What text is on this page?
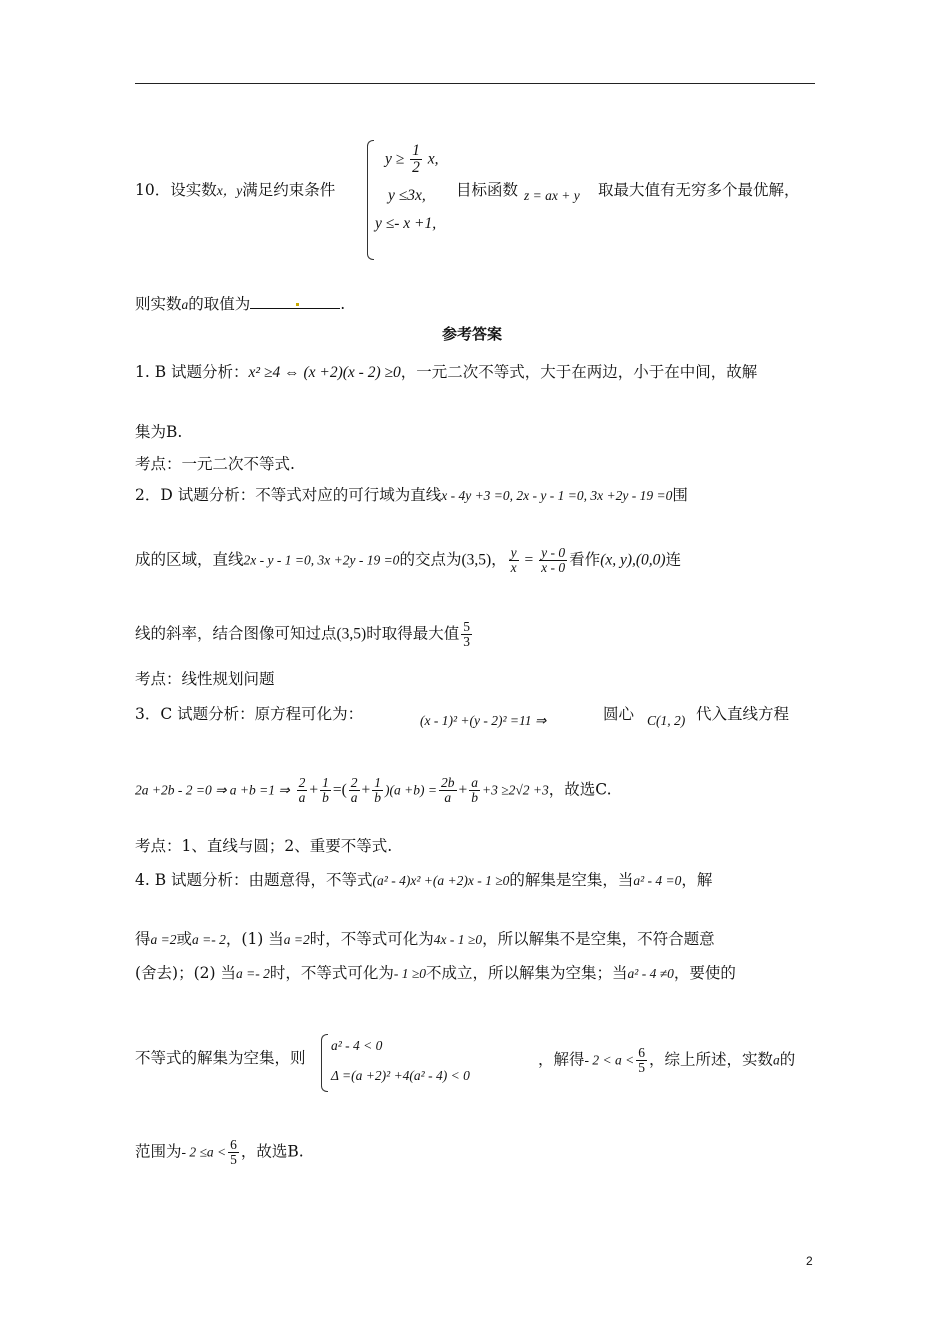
10．设实数x，y满足约束条件
$y \ge \frac{1}{2} x$,
y ≤3x,
y ≤- x +1,
目标函数 z = ax + y 取最大值有无穷多个最优解，
则实数a的取值为	.
参考答案
1. B 试题分析：x² ≥4 ⇔ (x +2)(x - 2) ≥0，一元二次不等式，大于在两边，小于在中间，故解
集为B.
考点：一元二次不等式.
2．D 试题分析：不等式对应的可行域为直线x - 4y +3 =0, 2x - y - 1 =0, 3x +2y - 19 =0围
成的区域，直线2x - y - 1 =0, 3x +2y - 19 =0的交点为(3,5)， $\frac{y}{x} = \frac{y - 0}{x - 0}$ 看作(x, y),(0,0)连
线的斜率，结合图像可知过点(3,5)时取得最大值 $\frac{5}{3}$
考点：线性规划问题
3．C 试题分析：原方程可化为：	(x - 1)² +(y - 2)² =11 ⇒	圆心 C(1, 2) 代入直线方程
2a +2b - 2 =0 ⇒ a +b =1 ⇒ $\frac{2}{a} + \frac{1}{b}$ =( $\frac{2}{a} + \frac{1}{b} )(a +b) = \frac{2b}{a} + \frac{a}{b} +3 \ge 2√2 +3$，故选C.
考点：1、直线与圆；2、重要不等式.
4. B 试题分析：由题意得，不等式(a² - 4)x² +(a +2)x - 1 ≥0的解集是空集，当a² - 4 =0，解
得a =2或a =- 2，(1) 当a =2时，不等式可化为4x - 1 ≥0，所以解集不是空集，不符合题意
(舍去)；(2) 当a =- 2时，不等式可化为- 1 ≥0不成立，所以解集为空集；当a² - 4 ≠0，要使的
不等式的解集为空集，则
a² - 4 < 0
Δ =(a +2)² +4(a² - 4) < 0
，解得- $2 < a < \frac{6}{5}$ ，综上所述，实数a的
范围为- $2 \le a < \frac{6}{5}$ ，故选B.
2
